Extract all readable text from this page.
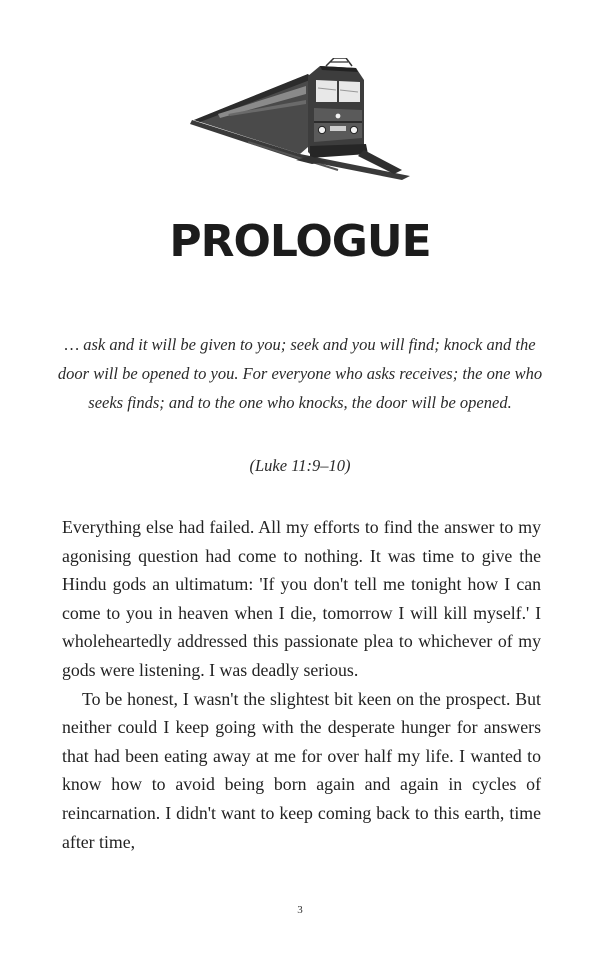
PROLOGUE

… ask and it will be given to you; seek and you will find; knock and the door will be opened to you. For everyone who asks receives; the one who seeks finds; and to the one who knocks, the door will be opened.

(Luke 11:9–10)

Everything else had failed. All my efforts to find the answer to my agonising question had come to nothing. It was time to give the Hindu gods an ultimatum: 'If you don't tell me tonight how I can come to you in heaven when I die, tomorrow I will kill myself.' I wholeheartedly addressed this passionate plea to whichever of my gods were listening. I was deadly serious.

To be honest, I wasn't the slightest bit keen on the prospect. But neither could I keep going with the desperate hunger for answers that had been eating away at me for over half my life. I wanted to know how to avoid being born again and again in cycles of reincarnation. I didn't want to keep coming back to this earth, time after time,

3
